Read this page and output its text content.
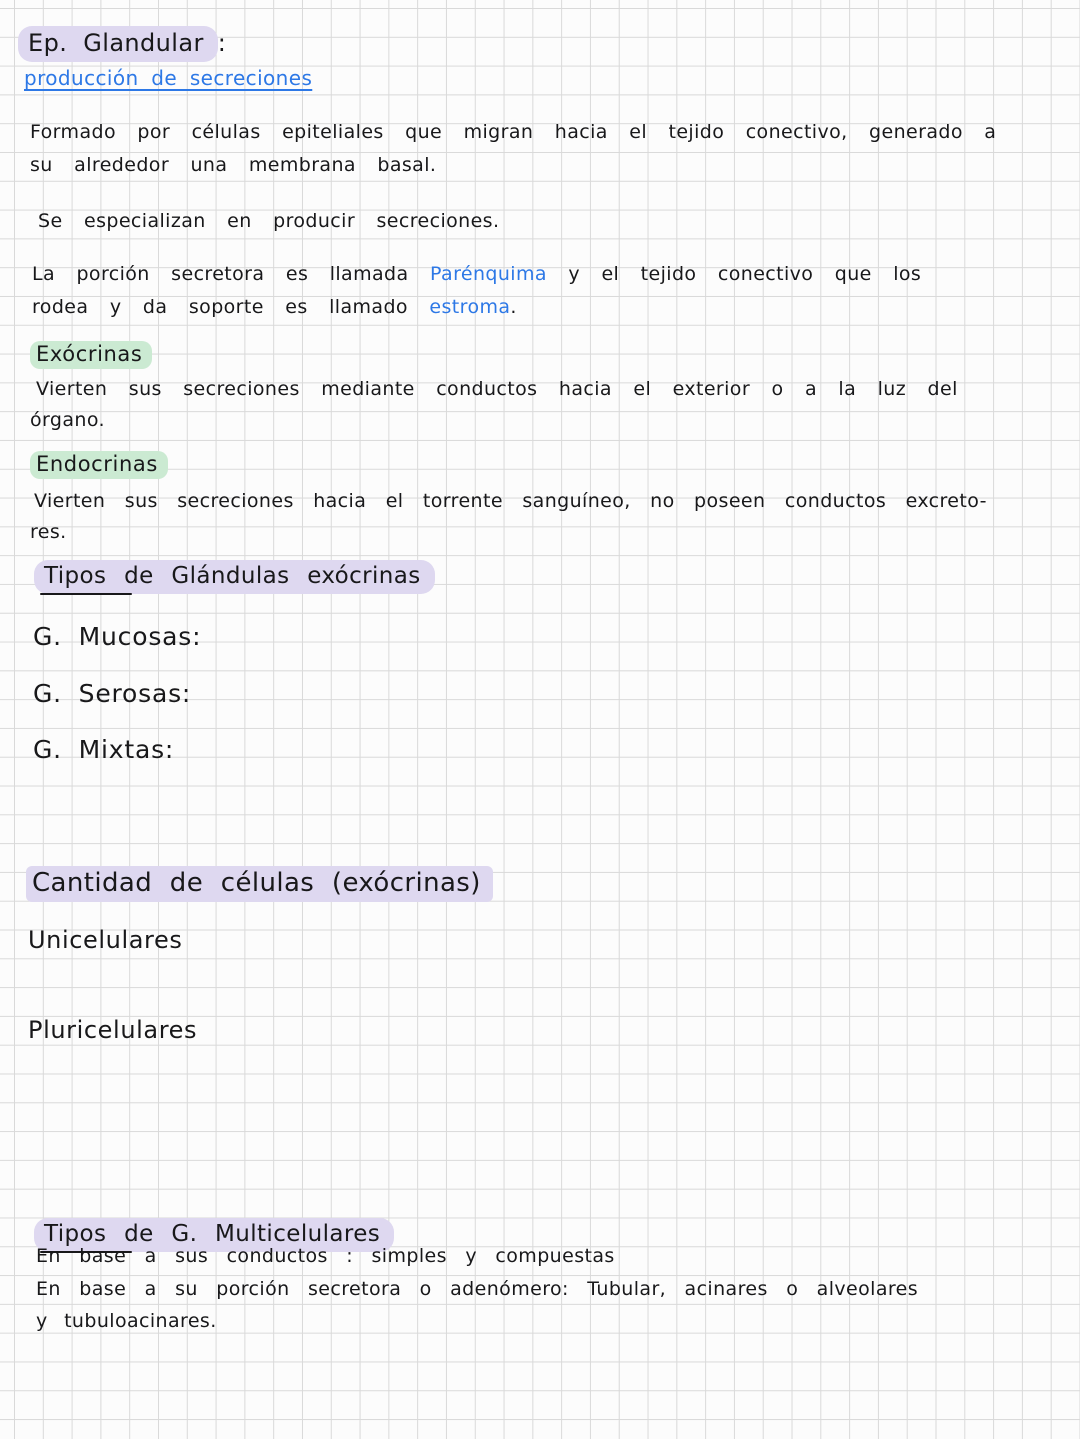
Ep. Glandular :
producción de secreciones
Formado por células epiteliales que migran hacia el tejido conectivo, generado a
su alrededor una membrana basal.
Se especializan en producir secreciones.
La porción secretora es llamada Parénquima y el tejido conectivo que los
rodea y da soporte es llamado estroma.
Exócrinas
Vierten sus secreciones mediante conductos hacia el exterior o a la luz del
órgano.
Endocrinas
Vierten sus secreciones hacia el torrente sanguíneo, no poseen conductos excreto-
res.
Tipos de Glándulas exócrinas
G. Mucosas:
G. Serosas:
G. Mixtas:
Cantidad de células (exócrinas)
Unicelulares
Pluricelulares
Tipos de G. Multicelulares
En base a sus conductos : simples y compuestas
En base a su porción secretora o adenómero: Tubular, acinares o alveolares
y tubuloacinares.
